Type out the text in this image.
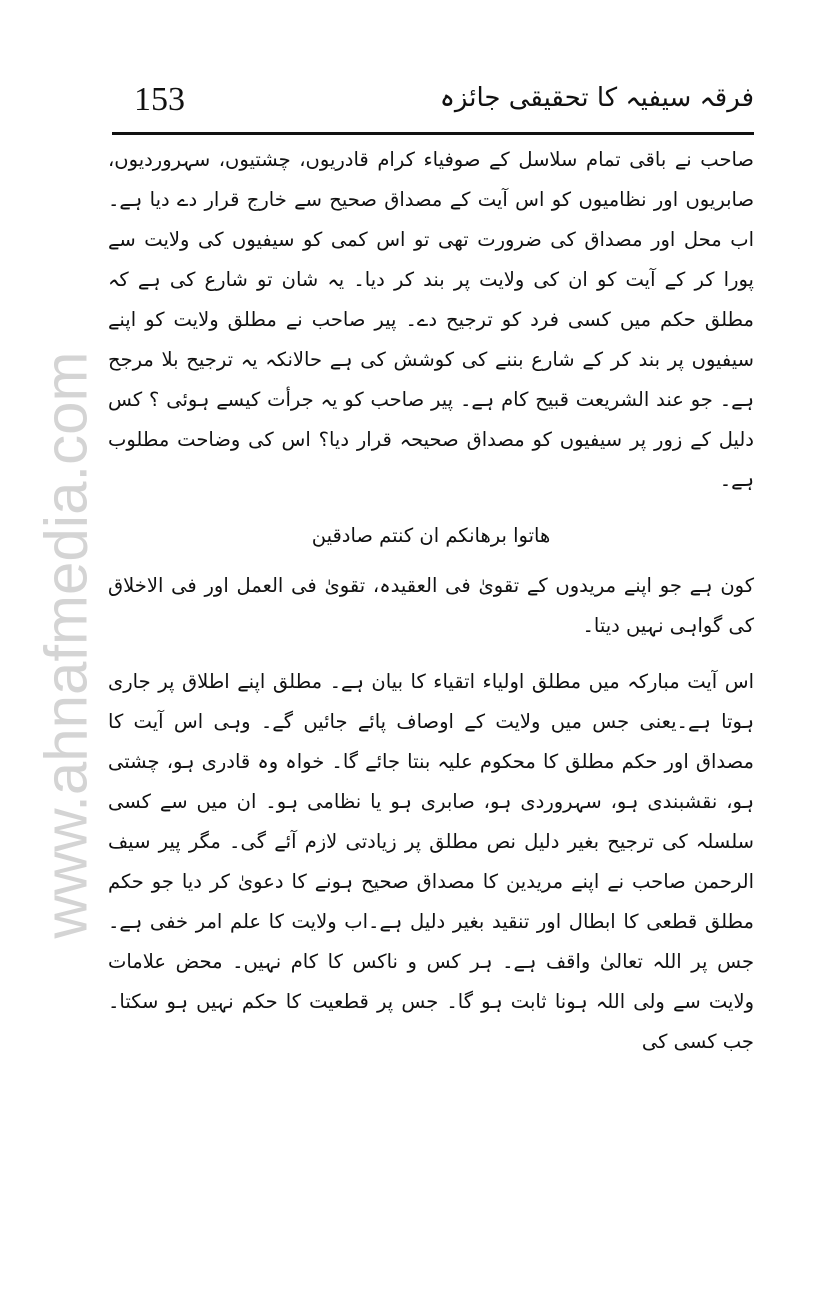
www.ahnafmedia.com
153	فرقہ سیفیہ کا تحقیقی جائزہ

صاحب نے باقی تمام سلاسل کے صوفیاء کرام قادریوں، چشتیوں، سہروردیوں، صابریوں اور نظامیوں کو اس آیت کے مصداق صحیح سے خارج قرار دے دیا ہے۔اب محل اور مصداق کی ضرورت تھی تو اس کمی کو سیفیوں کی ولایت سے پورا کر کے آیت کو ان کی ولایت پر بند کر دیا۔ یہ شان تو شارع کی ہے کہ مطلق حکم میں کسی فرد کو ترجیح دے۔ پیر صاحب نے مطلق ولایت کو اپنے سیفیوں پر بند کر کے شارع بننے کی کوشش کی ہے حالانکہ یہ ترجیح بلا مرجح ہے۔ جو عند الشریعت قبیح کام ہے۔ پیر صاحب کو یہ جرأت کیسے ہوئی ؟ کس دلیل کے زور پر سیفیوں کو مصداق صحیحہ قرار دیا؟ اس کی وضاحت مطلوب ہے۔

ھاتوا برھانکم ان کنتم صادقین

کون ہے جو اپنے مریدوں کے تقویٰ فی العقیدہ، تقویٰ فی العمل اور فی الاخلاق کی گواہی نہیں دیتا۔

اس آیت مبارکہ میں مطلق اولیاء اتقیاء کا بیان ہے۔ مطلق اپنے اطلاق پر جاری ہوتا ہے۔یعنی جس میں ولایت کے اوصاف پائے جائیں گے۔ وہی اس آیت کا مصداق اور حکم مطلق کا محکوم علیہ بنتا جائے گا۔ خواہ وہ قادری ہو، چشتی ہو، نقشبندی ہو، سہروردی ہو، صابری ہو یا نظامی ہو۔ ان میں سے کسی سلسلہ کی ترجیح بغیر دلیل نص مطلق پر زیادتی لازم آئے گی۔ مگر پیر سیف الرحمن صاحب نے اپنے مریدین کا مصداق صحیح ہونے کا دعویٰ کر دیا جو حکم مطلق قطعی کا ابطال اور تنقید بغیر دلیل ہے۔اب ولایت کا علم امر خفی ہے۔ جس پر اللہ تعالیٰ واقف ہے۔ ہر کس و ناکس کا کام نہیں۔ محض علامات ولایت سے ولی اللہ ہونا ثابت ہو گا۔ جس پر قطعیت کا حکم نہیں ہو سکتا۔ جب کسی کی
